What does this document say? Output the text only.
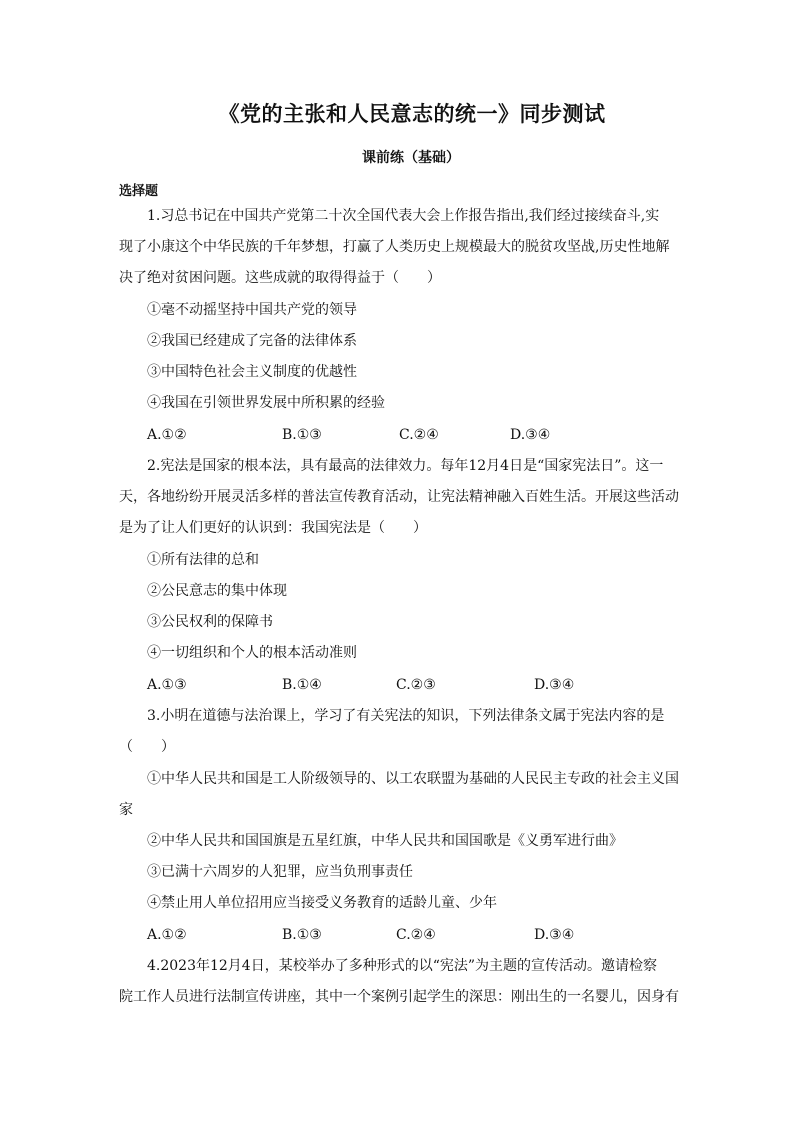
《党的主张和人民意志的统一》同步测试
课前练（基础）
选择题
1.习总书记在中国共产党第二十次全国代表大会上作报告指出,我们经过接续奋斗,实
现了小康这个中华民族的千年梦想，打赢了人类历史上规模最大的脱贫攻坚战,历史性地解
决了绝对贫困问题。这些成就的取得得益于（　　）
①毫不动摇坚持中国共产党的领导
②我国已经建成了完备的法律体系
③中国特色社会主义制度的优越性
④我国在引领世界发展中所积累的经验
A.①②	B.①③	C.②④	D.③④
2.宪法是国家的根本法，具有最高的法律效力。每年12月4日是“国家宪法日”。这一
天，各地纷纷开展灵活多样的普法宣传教育活动，让宪法精神融入百姓生活。开展这些活动
是为了让人们更好的认识到：我国宪法是（　　）
①所有法律的总和
②公民意志的集中体现
③公民权利的保障书
④一切组织和个人的根本活动准则
A.①③	B.①④	C.②③	D.③④
3.小明在道德与法治课上，学习了有关宪法的知识，下列法律条文属于宪法内容的是
（　　）
①中华人民共和国是工人阶级领导的、以工农联盟为基础的人民民主专政的社会主义国
家
②中华人民共和国国旗是五星红旗，中华人民共和国国歌是《义勇军进行曲》
③已满十六周岁的人犯罪，应当负刑事责任
④禁止用人单位招用应当接受义务教育的适龄儿童、少年
A.①②	B.①③	C.②④	D.③④
4.2023年12月4日，某校举办了多种形式的以“宪法”为主题的宣传活动。邀请检察
院工作人员进行法制宣传讲座，其中一个案例引起学生的深思：刚出生的一名婴儿，因身有
